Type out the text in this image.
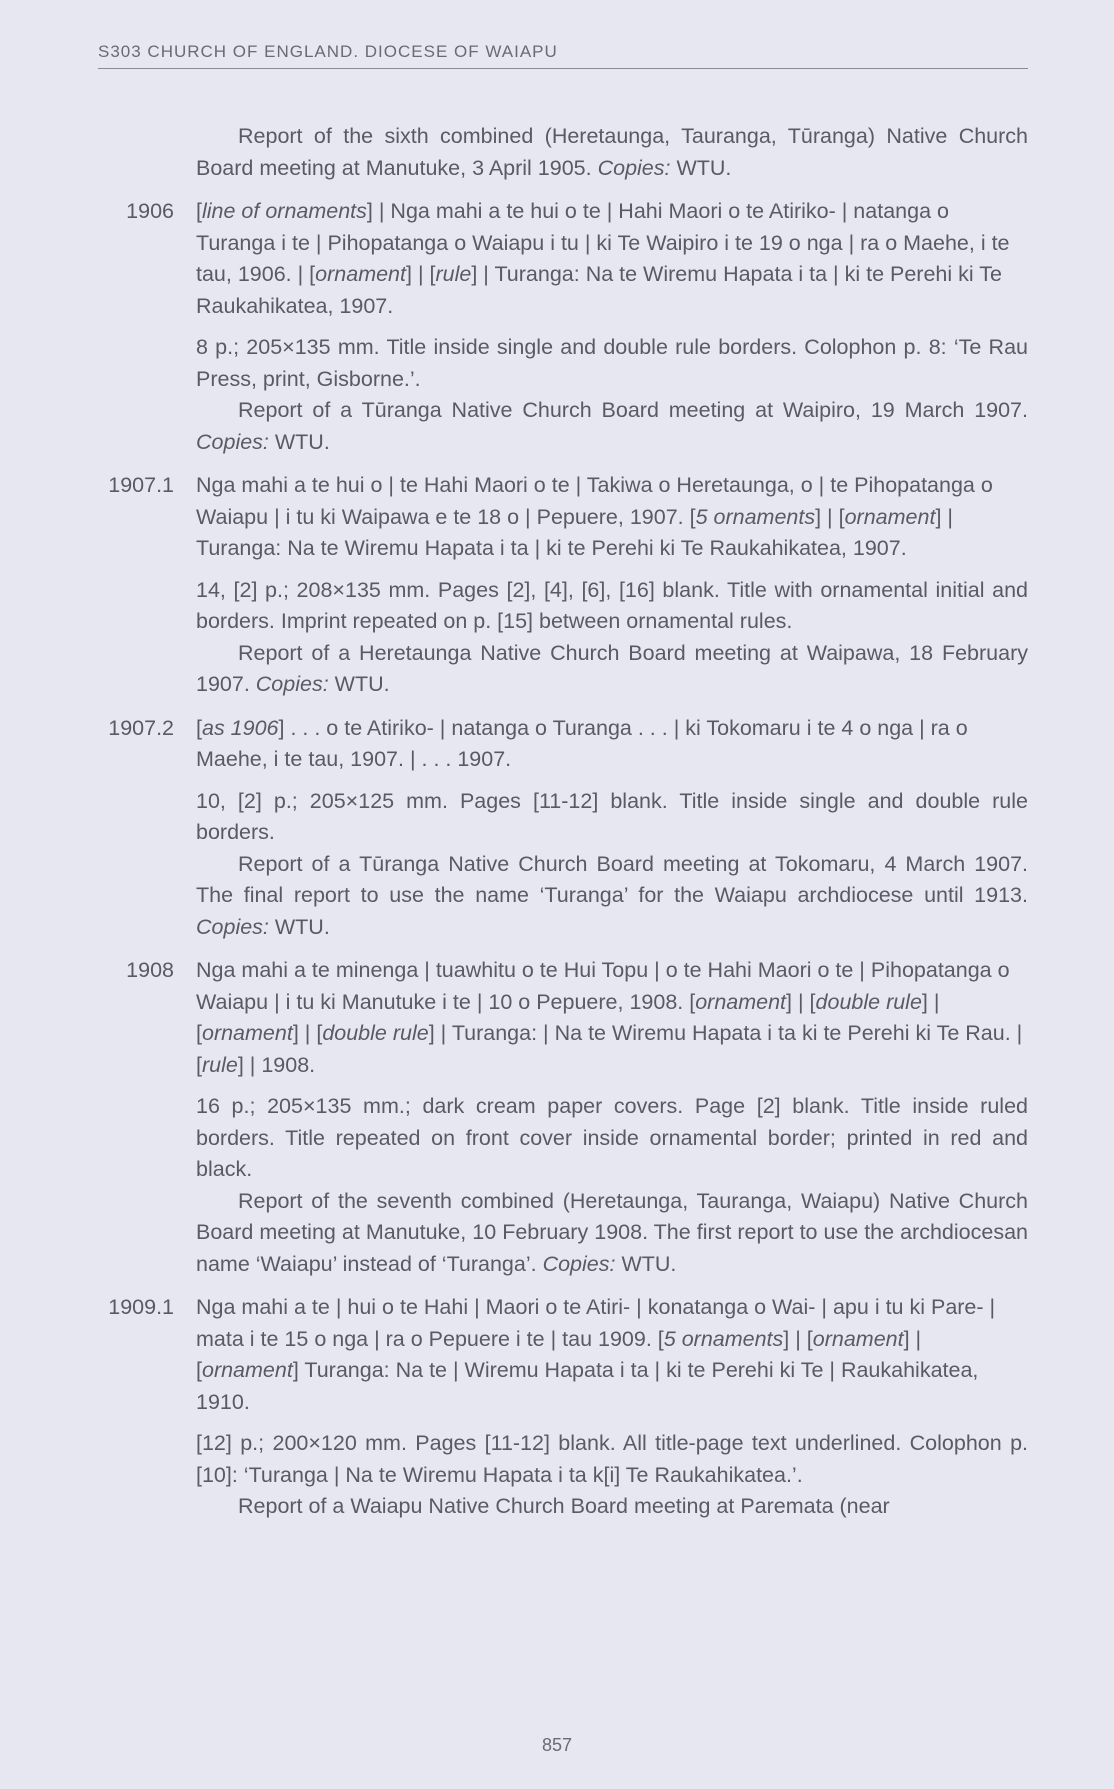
S303 CHURCH OF ENGLAND. DIOCESE OF WAIAPU

Report of the sixth combined (Heretaunga, Tauranga, Tūranga) Native Church Board meeting at Manutuke, 3 April 1905. Copies: WTU.

1906 [line of ornaments] | Nga mahi a te hui o te | Hahi Maori o te Atiriko- | natanga o Turanga i te | Pihopatanga o Waiapu i tu | ki Te Waipiro i te 19 o nga | ra o Maehe, i te tau, 1906. | [ornament] | [rule] | Turanga: Na te Wiremu Hapata i ta | ki te Perehi ki Te Raukahikatea, 1907.

8 p.; 205×135 mm. Title inside single and double rule borders. Colophon p. 8: ‘Te Rau Press, print, Gisborne.’.

Report of a Tūranga Native Church Board meeting at Waipiro, 19 March 1907. Copies: WTU.

1907.1 Nga mahi a te hui o | te Hahi Maori o te | Takiwa o Heretaunga, o | te Pihopatanga o Waiapu | i tu ki Waipawa e te 18 o | Pepuere, 1907. [5 ornaments] | [ornament] | Turanga: Na te Wiremu Hapata i ta | ki te Perehi ki Te Raukahikatea, 1907.

14, [2] p.; 208×135 mm. Pages [2], [4], [6], [16] blank. Title with ornamental initial and borders. Imprint repeated on p. [15] between ornamental rules.

Report of a Heretaunga Native Church Board meeting at Waipawa, 18 February 1907. Copies: WTU.

1907.2 [as 1906] . . . o te Atiriko- | natanga o Turanga . . . | ki Tokomaru i te 4 o nga | ra o Maehe, i te tau, 1907. | . . . 1907.

10, [2] p.; 205×125 mm. Pages [11-12] blank. Title inside single and double rule borders.

Report of a Tūranga Native Church Board meeting at Tokomaru, 4 March 1907. The final report to use the name ‘Turanga’ for the Waiapu archdiocese until 1913. Copies: WTU.

1908 Nga mahi a te minenga | tuawhitu o te Hui Topu | o te Hahi Maori o te | Pihopatanga o Waiapu | i tu ki Manutuke i te | 10 o Pepuere, 1908. [ornament] | [double rule] | [ornament] | [double rule] | Turanga: | Na te Wiremu Hapata i ta ki te Perehi ki Te Rau. | [rule] | 1908.

16 p.; 205×135 mm.; dark cream paper covers. Page [2] blank. Title inside ruled borders. Title repeated on front cover inside ornamental border; printed in red and black.

Report of the seventh combined (Heretaunga, Tauranga, Waiapu) Native Church Board meeting at Manutuke, 10 February 1908. The first report to use the archdiocesan name ‘Waiapu’ instead of ‘Turanga’. Copies: WTU.

1909.1 Nga mahi a te | hui o te Hahi | Maori o te Atiri- | konatanga o Wai- | apu i tu ki Pare- | mata i te 15 o nga | ra o Pepuere i te | tau 1909. [5 ornaments] | [ornament] | [ornament] Turanga: Na te | Wiremu Hapata i ta | ki te Perehi ki Te | Raukahikatea, 1910.

[12] p.; 200×120 mm. Pages [11-12] blank. All title-page text underlined. Colophon p. [10]: ‘Turanga | Na te Wiremu Hapata i ta k[i] Te Raukahikatea.’.

Report of a Waiapu Native Church Board meeting at Paremata (near

857
